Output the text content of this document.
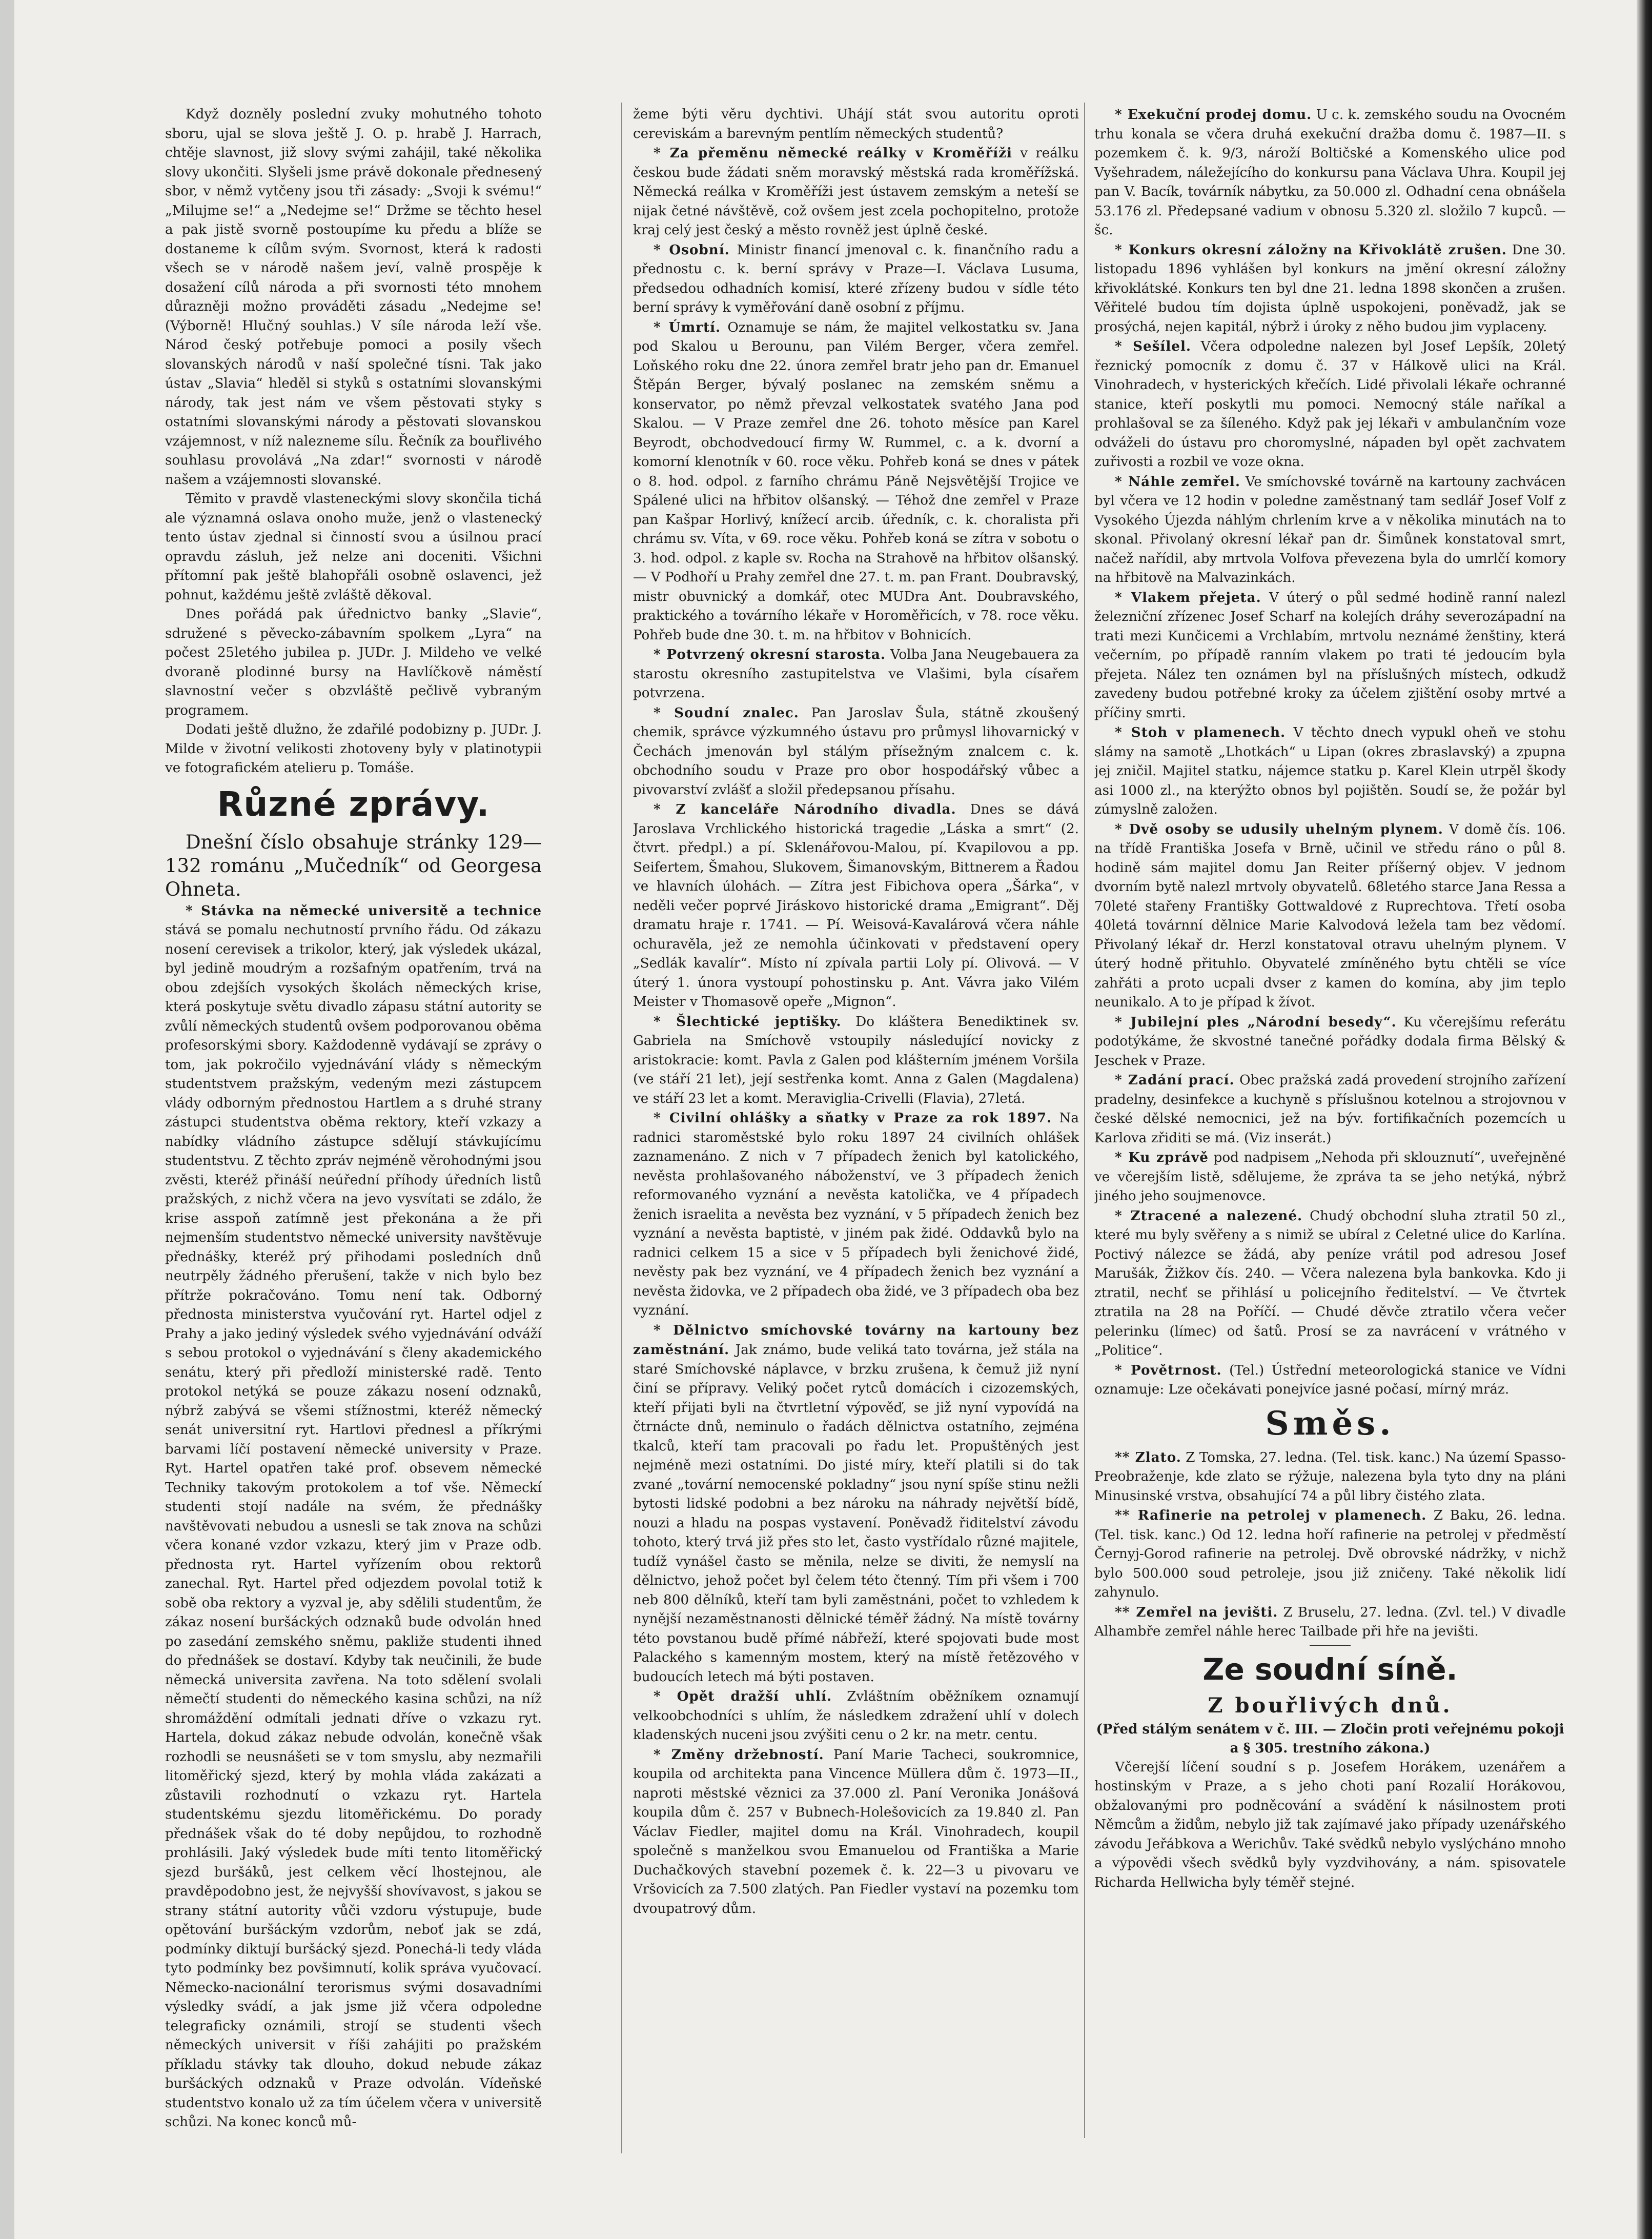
Když dozněly poslední zvuky mohutného tohoto sboru, ujal se slova ještě J. O. p. hrabě J. Harrach, chtěje slavnost, již slovy svými zahájil, také několika slovy ukončiti. Slyšeli jsme právě dokonale přednesený sbor, v němž vytčeny jsou tři zásady: „Svoji k svému!“ „Milujme se!“ a „Nedejme se!“ Držme se těchto hesel a pak jistě svorně postoupíme ku předu a blíže se dostaneme k cílům svým. Svornost, která k radosti všech se v národě našem jeví, valně prospěje k dosažení cílů národa a při svornosti této mnohem důrazněji možno prováděti zásadu „Nedejme se! (Výborně! Hlučný souhlas.) V síle národa leží vše. Národ český potřebuje pomoci a posily všech slovanských národů v naší společné tísni. Tak jako ústav „Slavia“ hleděl si styků s ostatními slovanskými národy, tak jest nám ve všem pěstovati styky s ostatními slovanskými národy a pěstovati slovanskou vzájemnost, v níž nalezneme sílu. Řečník za bouřlivého souhlasu provolává „Na zdar!“ svornosti v národě našem a vzájemnosti slovanské.

Těmito v pravdě vlasteneckými slovy skončila tichá ale významná oslava onoho muže, jenž o vlastenecký tento ústav zjednal si činností svou a úsilnou prací opravdu zásluh, jež nelze ani doceniti. Všichni přítomní pak ještě blahopřáli osobně oslavenci, jež pohnut, každému ještě zvláště děkoval.

Dnes pořádá pak úřednictvo banky „Slavie“, sdružené s pěvecko-zábavním spolkem „Lyra“ na počest 25letého jubilea p. JUDr. J. Mildeho ve velké dvoraně plodinné bursy na Havlíčkově náměstí slavnostní večer s obzvláště pečlivě vybraným programem.

Dodati ještě dlužno, že zdařilé podobizny p. JUDr. J. Milde v životní velikosti zhotoveny byly v platinotypii ve fotografickém atelieru p. Tomáše.

Různé zprávy.

Dnešní číslo obsahuje stránky 129—132 románu „Mučedník“ od Georgesa Ohneta.

* Stávka na německé universitě a technice stává se pomalu nechutností prvního řádu. Od zákazu nosení cerevisek a trikolor, který, jak výsledek ukázal, byl jedině moudrým a rozšafným opatřením, trvá na obou zdejších vysokých školách německých krise, která poskytuje světu divadlo zápasu státní autority se zvůlí německých studentů ovšem podporovanou oběma profesorskými sbory. Každodenně vydávají se zprávy o tom, jak pokročilo vyjednávání vlády s německým studentstvem pražským, vedeným mezi zástupcem vlády odborným přednostou Hartlem a s druhé strany zástupci studentstva oběma rektory, kteří vzkazy a nabídky vládního zástupce sdělují stávkujícímu studentstvu. Z těchto zpráv nejméně věrohodnými jsou zvěsti, kteréž přináší neúřední příhody úředních listů pražských, z nichž včera na jevo vysvítati se zdálo, že krise asspoň zatímně jest překonána a že při nejmenším studentstvo německé university navštěvuje přednášky, kteréž prý přihodami posledních dnů neutrpěly žádného přerušení, takže v nich bylo bez přítrže pokračováno. Tomu není tak. Odborný přednosta ministerstva vyučování ryt. Hartel odjel z Prahy a jako jediný výsledek svého vyjednávání odváží s sebou protokol o vyjednávání s členy akademického senátu, který při předloží ministerské radě. Tento protokol netýká se pouze zákazu nosení odznaků, nýbrž zabývá se všemi stížnostmi, kteréž německý senát universitní ryt. Hartlovi přednesl a příkrými barvami líčí postavení německé university v Praze. Ryt. Hartel opatřen také prof. obsevem německé Techniky takovým protokolem a tof vše. Německí studenti stojí nadále na svém, že přednášky navštěvovati nebudou a usnesli se tak znova na schůzi včera konané vzdor vzkazu, který jim v Praze odb. přednosta ryt. Hartel vyřízením obou rektorů zanechal. Ryt. Hartel před odjezdem povolal totiž k sobě oba rektory a vyzval je, aby sdělili studentům, že zákaz nosení buršáckých odznaků bude odvolán hned po zasedání zemského sněmu, pakliže studenti ihned do přednášek se dostaví. Kdyby tak neučinili, že bude německá universita zavřena. Na toto sdělení svolali němečtí studenti do německého kasina schůzi, na níž shromáždění odmítali jednati dříve o vzkazu ryt. Hartela, dokud zákaz nebude odvolán, konečně však rozhodli se neusnášeti se v tom smyslu, aby nezmařili litoměřický sjezd, který by mohla vláda zakázati a zůstavili rozhodnutí o vzkazu ryt. Hartela studentskému sjezdu litoměřickému. Do porady přednášek však do té doby nepůjdou, to rozhodně prohlásili. Jaký výsledek bude míti tento litoměřický sjezd buršáků, jest celkem věcí lhostejnou, ale pravděpodobno jest, že nejvyšší shovívavost, s jakou se strany státní autority vůči vzdoru výstupuje, bude opětování buršáckým vzdorům, neboť jak se zdá, podmínky diktují buršácký sjezd. Ponechá-li tedy vláda tyto podmínky bez povšimnutí, kolik správa vyučovací. Německo-nacionální terorismus svými dosavadními výsledky svádí, a jak jsme již včera odpoledne telegraficky oznámili, strojí se studenti všech německých universit v říši zahájiti po pražském příkladu stávky tak dlouho, dokud nebude zákaz buršáckých odznaků v Praze odvolán. Vídeňské studentstvo konalo už za tím účelem včera v universitě schůzi. Na konec konců mů-

žeme býti věru dychtivi. Uhájí stát svou autoritu oproti cereviskám a barevným pentlím německých studentů?

* Za přeměnu německé reálky v Kroměříži v reálku českou bude žádati sněm moravský městská rada kroměřížská. Německá reálka v Kroměříži jest ústavem zemským a neteší se nijak četné návštěvě, což ovšem jest zcela pochopitelno, protože kraj celý jest český a město rovněž jest úplně české.

* Osobní. Ministr financí jmenoval c. k. finančního radu a přednostu c. k. berní správy v Praze—I. Václava Lusuma, předsedou odhadních komisí, které zřízeny budou v sídle této berní správy k vyměřování daně osobní z příjmu.

* Úmrtí. Oznamuje se nám, že majitel velkostatku sv. Jana pod Skalou u Berounu, pan Vilém Berger, včera zemřel. Loňského roku dne 22. února zemřel bratr jeho pan dr. Emanuel Štěpán Berger, bývalý poslanec na zemském sněmu a konservator, po němž převzal velkostatek svatého Jana pod Skalou. — V Praze zemřel dne 26. tohoto měsíce pan Karel Beyrodt, obchodvedoucí firmy W. Rummel, c. a k. dvorní a komorní klenotník v 60. roce věku. Pohřeb koná se dnes v pátek o 8. hod. odpol. z farního chrámu Páně Nejsvětější Trojice ve Spálené ulici na hřbitov olšanský. — Téhož dne zemřel v Praze pan Kašpar Horlivý, knížecí arcib. úředník, c. k. choralista při chrámu sv. Víta, v 69. roce věku. Pohřeb koná se zítra v sobotu o 3. hod. odpol. z kaple sv. Rocha na Strahově na hřbitov olšanský. — V Podhoří u Prahy zemřel dne 27. t. m. pan Frant. Doubravský, mistr obuvnický a domkář, otec MUDra Ant. Doubravského, praktického a továrního lékaře v Horoměřicích, v 78. roce věku. Pohřeb bude dne 30. t. m. na hřbitov v Bohnicích.

* Potvrzený okresní starosta. Volba Jana Neugebauera za starostu okresního zastupitelstva ve Vlašimi, byla císařem potvrzena.

* Soudní znalec. Pan Jaroslav Šula, státně zkoušený chemik, správce výzkumného ústavu pro průmysl lihovarnický v Čechách jmenován byl stálým přísežným znalcem c. k. obchodního soudu v Praze pro obor hospodářský vůbec a pivovarství zvlášť a složil předepsanou přísahu.

* Z kanceláře Národního divadla. Dnes se dává Jaroslava Vrchlického historická tragedie „Láska a smrt“ (2. čtvrt. předpl.) a pí. Sklenářovou-Malou, pí. Kvapilovou a pp. Seifertem, Šmahou, Slukovem, Šimanovským, Bittnerem a Řadou ve hlavních úlohách. — Zítra jest Fibichova opera „Šárka“, v neděli večer poprvé Jiráskovo historické drama „Emigrant“. Děj dramatu hraje r. 1741. — Pí. Weisová-Kavalárová včera náhle ochuravěla, jež ze nemohla účinkovati v představení opery „Sedlák kavalír“. Místo ní zpívala partii Loly pí. Olivová. — V úterý 1. února vystoupí pohostinsku p. Ant. Vávra jako Vilém Meister v Thomasově opeře „Mignon“.

* Šlechtické jeptišky. Do kláštera Benediktinek sv. Gabriela na Smíchově vstoupily následující novicky z aristokracie: komt. Pavla z Galen pod klášterním jménem Voršila (ve stáří 21 let), její sestřenka komt. Anna z Galen (Magdalena) ve stáří 23 let a komt. Meraviglia-Crivelli (Flavia), 27letá.

* Civilní ohlášky a sňatky v Praze za rok 1897. Na radnici staroměstské bylo roku 1897 24 civilních ohlášek zaznamenáno. Z nich v 7 případech ženich byl katolického, nevěsta prohlašovaného náboženství, ve 3 případech ženich reformovaného vyznání a nevěsta katolička, ve 4 případech ženich israelita a nevěsta bez vyznání, v 5 případech ženich bez vyznání a nevěsta baptistė, v jiném pak židé. Oddavků bylo na radnici celkem 15 a sice v 5 případech byli ženichové židé, nevěsty pak bez vyznání, ve 4 případech ženich bez vyznání a nevěsta židovka, ve 2 případech oba židé, ve 3 případech oba bez vyznání.

* Dělnictvo smíchovské továrny na kartouny bez zaměstnání. Jak známo, bude veliká tato továrna, jež stála na staré Smíchovské náplavce, v brzku zrušena, k čemuž již nyní činí se přípravy. Veliký počet rytců domácích i cizozemských, kteří přijati byli na čtvrtletní výpověď, se již nyní vypovídá na čtrnácte dnů, neminulo o řadách dělnictva ostatního, zejména tkalců, kteří tam pracovali po řadu let. Propuštěných jest nejméně mezi ostatními. Do jisté míry, kteří platili si do tak zvané „tovární nemocenské pokladny“ jsou nyní spíše stinu nežli bytosti lidské podobni a bez nároku na náhrady největší bídě, nouzi a hladu na pospas vystavení. Poněvadž řiditelství závodu tohoto, který trvá již přes sto let, často vystřídalo různé majitele, tudíž vynášel často se měnila, nelze se diviti, že nemyslí na dělnictvo, jehož počet byl čelem této čtenný. Tím při všem i 700 neb 800 dělníků, kteří tam byli zaměstnáni, počet to vzhledem k nynější nezaměstnanosti dělnické téměř žádný. Na místě továrny této povstanou budě přímé nábřeží, které spojovati bude most Palackého s kamenným mostem, který na místě řetězového v budoucích letech má býti postaven.

* Opět dražší uhlí. Zvláštním oběžníkem oznamují velkoobchodníci s uhlím, že následkem zdražení uhlí v dolech kladenských nuceni jsou zvýšiti cenu o 2 kr. na metr. centu.

* Změny držebností. Paní Marie Tacheci, soukromnice, koupila od architekta pana Vincence Müllera dům č. 1973—II., naproti městské věznici za 37.000 zl. Paní Veronika Jonášová koupila dům č. 257 v Bubnech-Holešovicích za 19.840 zl. Pan Václav Fiedler, majitel domu na Král. Vinohradech, koupil společně s manželkou svou Emanuelou od Františka a Marie Duchačkových stavební pozemek č. k. 22—3 u pivovaru ve Vršovicích za 7.500 zlatých. Pan Fiedler vystaví na pozemku tom dvoupatrový dům.

* Exekuční prodej domu. U c. k. zemského soudu na Ovocném trhu konala se včera druhá exekuční dražba domu č. 1987—II. s pozemkem č. k. 9/3, nároží Boltičské a Komenského ulice pod Vyšehradem, náležejícího do konkursu pana Václava Uhra. Koupil jej pan V. Bacík, továrník nábytku, za 50.000 zl. Odhadní cena obnášela 53.176 zl. Předepsané vadium v obnosu 5.320 zl. složilo 7 kupců. —šc.

* Konkurs okresní záložny na Křivoklátě zrušen. Dne 30. listopadu 1896 vyhlášen byl konkurs na jmění okresní záložny křivoklátské. Konkurs ten byl dne 21. ledna 1898 skončen a zrušen. Věřitelé budou tím dojista úplně uspokojeni, poněvadž, jak se prosýchá, nejen kapitál, nýbrž i úroky z něho budou jim vyplaceny.

* Sešílel. Včera odpoledne nalezen byl Josef Lepšík, 20letý řeznický pomocník z domu č. 37 v Hálkově ulici na Král. Vinohradech, v hysterických křečích. Lidé přivolali lékaře ochranné stanice, kteří poskytli mu pomoci. Nemocný stále naříkal a prohlašoval se za šíleného. Když pak jej lékaři v ambulančním voze odváželi do ústavu pro choromyslné, nápaden byl opět zachvatem zuřivosti a rozbil ve voze okna.

* Náhle zemřel. Ve smíchovské továrně na kartouny zachvácen byl včera ve 12 hodin v poledne zaměstnaný tam sedlář Josef Volf z Vysokého Újezda náhlým chrlením krve a v několika minutách na to skonal. Přivolaný okresní lékař pan dr. Šimůnek konstatoval smrt, načež nařídil, aby mrtvola Volfova převezena byla do umrlčí komory na hřbitově na Malvazinkách.

* Vlakem přejeta. V úterý o půl sedmé hodině ranní nalezl železniční zřízenec Josef Scharf na kolejích dráhy severozápadní na trati mezi Kunčicemi a Vrchlabím, mrtvolu neznámé ženštiny, která večerním, po případě ranním vlakem po trati té jedoucím byla přejeta. Nález ten oznámen byl na příslušných místech, odkudž zavedeny budou potřebné kroky za účelem zjištění osoby mrtvé a příčiny smrti.

* Stoh v plamenech. V těchto dnech vypukl oheň ve stohu slámy na samotě „Lhotkách“ u Lipan (okres zbraslavský) a zpupna jej zničil. Majitel statku, nájemce statku p. Karel Klein utrpěl škody asi 1000 zl., na kterýžto obnos byl pojištěn. Soudí se, že požár byl zúmyslně založen.

* Dvě osoby se udusily uhelným plynem. V domě čís. 106. na třídě Františka Josefa v Brně, učinil ve středu ráno o půl 8. hodině sám majitel domu Jan Reiter příšerný objev. V jednom dvorním bytě nalezl mrtvoly obyvatelů. 68letého starce Jana Ressa a 70leté stařeny Františky Gottwaldové z Ruprechtova. Třetí osoba 40letá továrnní dělnice Marie Kalvodová ležela tam bez vědomí. Přivolaný lékař dr. Herzl konstatoval otravu uhelným plynem. V úterý hodně přituhlo. Obyvatelé zmíněného bytu chtěli se více zahřáti a proto ucpali dvser z kamen do komína, aby jim teplo neunikalo. A to je případ k žívot.

* Jubilejní ples „Národní besedy“. Ku včerejšímu referátu podotýkáme, že skvostné tanečné pořádky dodala firma Bělský & Jeschek v Praze.

* Zadání prací. Obec pražská zadá provedení strojního zařízení pradelny, desinfekce a kuchyně s příslušnou kotelnou a strojovnou v české dělské nemocnici, jež na býv. fortifikačních pozemcích u Karlova zřiditi se má. (Viz inserát.)

* Ku zprávě pod nadpisem „Nehoda při sklouznutí“, uveřejněné ve včerejším listě, sdělujeme, že zpráva ta se jeho netýká, nýbrž jiného jeho soujmenovce.

* Ztracené a nalezené. Chudý obchodní sluha ztratil 50 zl., které mu byly svěřeny a s nimiž se ubíral z Celetné ulice do Karlína. Poctivý nálezce se žádá, aby peníze vrátil pod adresou Josef Marušák, Žižkov čís. 240. — Včera nalezena byla bankovka. Kdo ji ztratil, nechť se přihlásí u policejního ředitelství. — Ve čtvrtek ztratila na 28 na Poříčí. — Chudé děvče ztratilo včera večer pelerinku (límec) od šatů. Prosí se za navrácení v vrátného v „Politice“.

* Povětrnost. (Tel.) Ústřední meteorologická stanice ve Vídni oznamuje: Lze očekávati ponejvíce jasné počasí, mírný mráz.

Směs.

** Zlato. Z Tomska, 27. ledna. (Tel. tisk. kanc.) Na území Spasso-Preobraženje, kde zlato se rýžuje, nalezena byla tyto dny na pláni Minusinské vrstva, obsahující 74 a půl libry čistého zlata.

** Rafinerie na petrolej v plamenech. Z Baku, 26. ledna. (Tel. tisk. kanc.) Od 12. ledna hoří rafinerie na petrolej v předměstí Černyj-Gorod rafinerie na petrolej. Dvě obrovské nádržky, v nichž bylo 500.000 soud petroleje, jsou již zničeny. Také několik lidí zahynulo.

** Zemřel na jevišti. Z Bruselu, 27. ledna. (Zvl. tel.) V divadle Alhambře zemřel náhle herec Tailbade při hře na jevišti.

Ze soudní síně.
Z bouřlivých dnů.

(Před stálým senátem v č. III. — Zločin proti veřejnému pokoji a § 305. trestního zákona.)

Včerejší líčení soudní s p. Josefem Horákem, uzenářem a hostinským v Praze, a s jeho choti paní Rozalií Horákovou, obžalovanými pro podněcování a svádění k násilnostem proti Němcům a židům, nebylo již tak zajímavé jako případy uzenářského závodu Jeřábkova a Werichův. Také svědků nebylo vyslýcháno mnoho a výpovědi všech svědků byly vyzdvihovány, a nám. spisovatele Richarda Hellwicha byly téměř stejné.
